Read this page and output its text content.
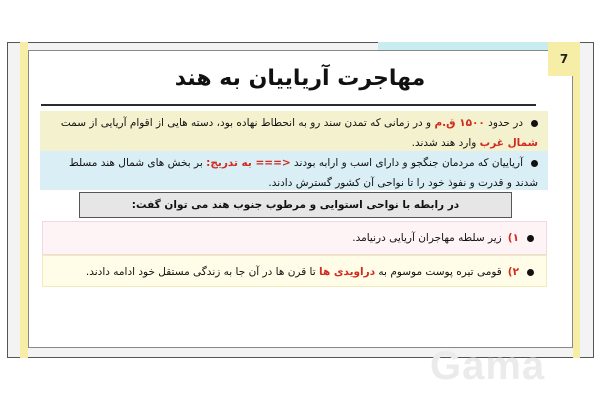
7
مهاجرت آریاییان به هند
در حدود ۱۵۰۰ ق.م و در زمانی که تمدن سند رو به انحطاط نهاده بود، دسته هایی از اقوام آریایی از سمت شمال غرب وارد هند شدند.
آریاییان که مردمان جنگجو و دارای اسب و ارابه بودند <=== به تدریج: بر بخش های شمال هند مسلط شدند و قدرت و نفوذ خود را تا نواحی آن کشور گسترش دادند.
در رابطه با نواحی استوایی و مرطوب جنوب هند می توان گفت:
۱)زیر سلطه مهاجران آریایی درنیامد.
۲)قومی تیره پوست موسوم به دراویدی ها تا قرن ها در آن جا به زندگی مستقل خود ادامه دادند.
Gama
